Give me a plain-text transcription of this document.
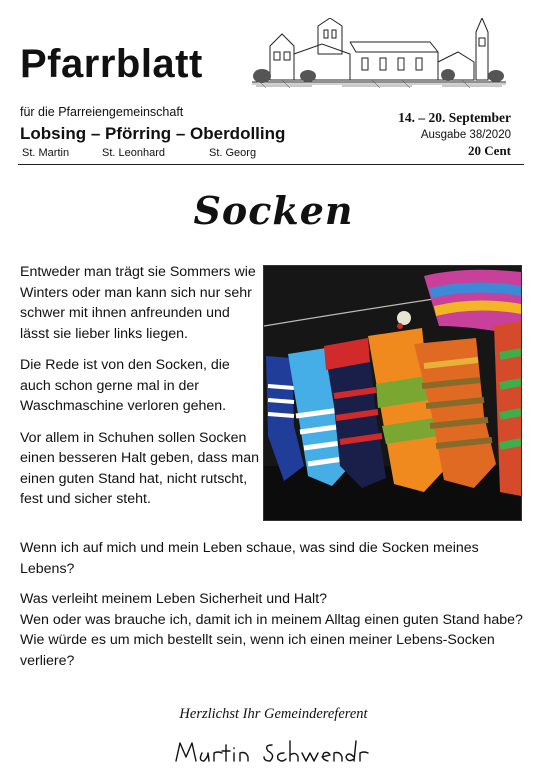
Pfarrblatt
für die Pfarreiengemeinschaft
Lobsing – Pförring – Oberdolling
St. Martin	St. Leonhard	St. Georg
14. – 20. September
Ausgabe 38/2020
20 Cent
Socken

Entweder man trägt sie Sommers wie Winters oder man kann sich nur sehr schwer mit ihnen anfreunden und lässt sie lieber links liegen.

Die Rede ist von den Socken, die auch schon gerne mal in der Waschmaschine verloren gehen.

Vor allem in Schuhen sollen Socken einen besseren Halt geben, dass man einen guten Stand hat, nicht rutscht, fest und sicher steht.

Wenn ich auf mich und mein Leben schaue, was sind die Socken meines Lebens?

Was verleiht meinem Leben Sicherheit und Halt?
Wen oder was brauche ich, damit ich in meinem Alltag einen guten Stand habe?
Wie würde es um mich bestellt sein, wenn ich einen meiner Lebens-Socken verliere?

Herzlichst Ihr Gemeindereferent
